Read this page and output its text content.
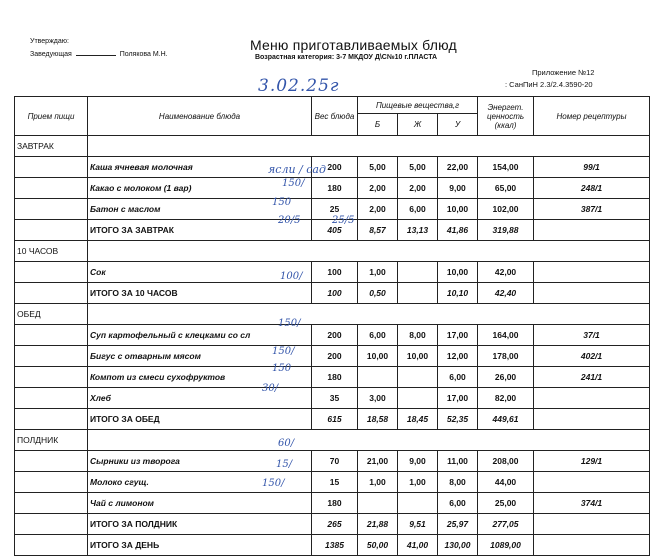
Утверждаю:
Заведующая	Полякова М.Н.
Меню приготавливаемых блюд
Возрастная категория: 3-7 МКДОУ Д\С№10 г.ПЛАСТА
Приложение №12
: СанПиН 2.3/2.4.3590-20
3.02.25г
Прием пищи	Наименование блюда	Вес блюда	Пищевые вещества,г			Энергет. ценность (ккал)	Номер рецептуры
			Б	Ж	У		
ЗАВТРАК							
	Каша ячневая молочная	200	5,00	5,00	22,00	154,00	99/1
	Какао с молоком (1 вар)	180	2,00	2,00	9,00	65,00	248/1
	Батон с маслом	25	2,00	6,00	10,00	102,00	387/1
	ИТОГО ЗА ЗАВТРАК	405	8,57	13,13	41,86	319,88	
10 ЧАСОВ							
	Сок	100	1,00		10,00	42,00	
	ИТОГО ЗА 10 ЧАСОВ	100	0,50		10,10	42,40	
ОБЕД							
	Суп картофельный с клецками со сл	200	6,00	8,00	17,00	164,00	37/1
	Бигус с отварным мясом	200	10,00	10,00	12,00	178,00	402/1
	Компот из смеси сухофруктов	180			6,00	26,00	241/1
	Хлеб	35	3,00		17,00	82,00	
	ИТОГО ЗА ОБЕД	615	18,58	18,45	52,35	449,61	
ПОЛДНИК							
	Сырники из творога	70	21,00	9,00	11,00	208,00	129/1
	Молоко сгущ.	15	1,00	1,00	8,00	44,00	
	Чай с лимоном	180			6,00	25,00	374/1
	ИТОГО ЗА ПОЛДНИК	265	21,88	9,51	25,97	277,05	
	ИТОГО ЗА ДЕНЬ	1385	50,00	41,00	130,00	1089,00	
ясли / сад
150/
150
20/5	25/5
100/
150/
150/
150
30/
60/
15/
150/
